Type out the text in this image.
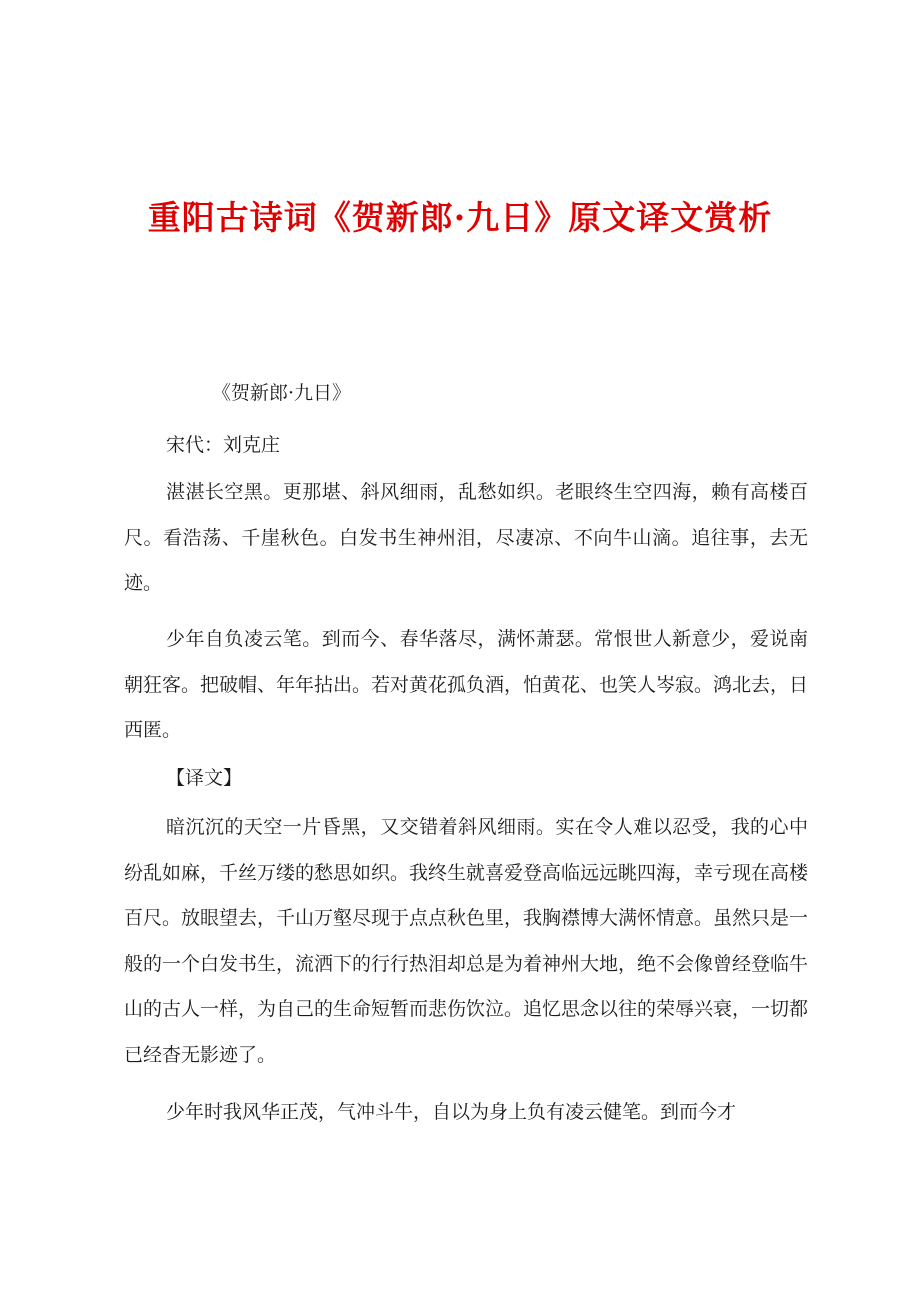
重阳古诗词《贺新郎·九日》原文译文赏析

《贺新郎·九日》

宋代：刘克庄

湛湛长空黑。更那堪、斜风细雨，乱愁如织。老眼终生空四海，赖有高楼百尺。看浩荡、千崖秋色。白发书生神州泪，尽凄凉、不向牛山滴。追往事，去无迹。

少年自负凌云笔。到而今、春华落尽，满怀萧瑟。常恨世人新意少，爱说南朝狂客。把破帽、年年拈出。若对黄花孤负酒，怕黄花、也笑人岑寂。鸿北去，日西匿。

【译文】

暗沉沉的天空一片昏黑，又交错着斜风细雨。实在令人难以忍受，我的心中纷乱如麻，千丝万缕的愁思如织。我终生就喜爱登高临远远眺四海，幸亏现在高楼百尺。放眼望去，千山万壑尽现于点点秋色里，我胸襟博大满怀情意。虽然只是一般的一个白发书生，流洒下的行行热泪却总是为着神州大地，绝不会像曾经登临牛山的古人一样，为自己的生命短暂而悲伤饮泣。追忆思念以往的荣辱兴衰，一切都已经杳无影迹了。

少年时我风华正茂，气冲斗牛，自以为身上负有凌云健笔。到而今才
